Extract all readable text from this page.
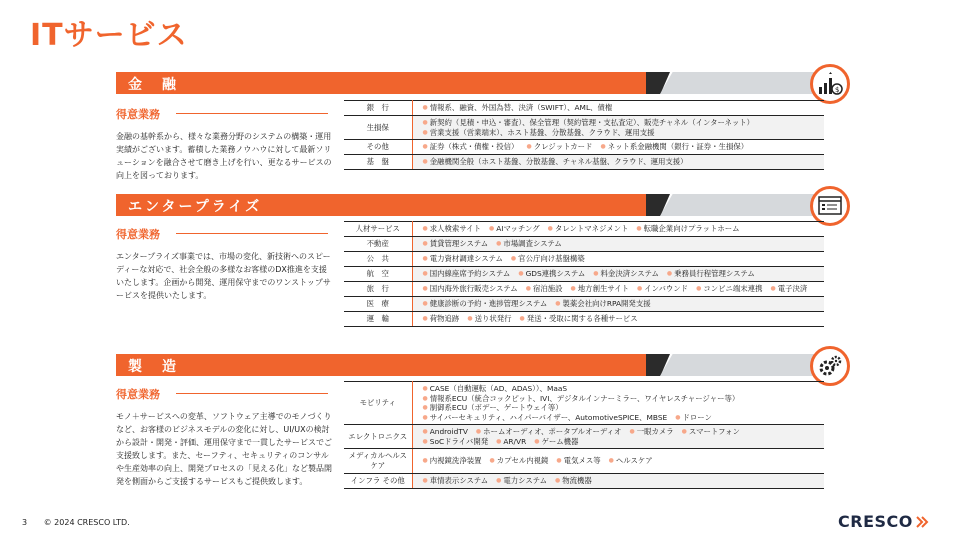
ITサービス
金　融	$
得意業務
金融の基幹系から、様々な業務分野のシステムの構築・運用実績がございます。蓄積した業務ノウハウに対して最新ソリューションを融合させて磨き上げを行い、更なるサービスの向上を図っております。
銀　行	● 情報系、融資、外国為替、決済（SWIFT）、AML、債権
生損保	● 新契約（見積・申込・審査）、保全管理（契約管理・支払査定）、販売チャネル（インターネット）● 営業支援（営業端末）、ホスト基盤、分散基盤、クラウド、運用支援
その他	● 証券（株式・債権・投信） ● クレジットカード ● ネット系金融機関（銀行・証券・生損保）
基　盤	● 金融機関全般（ホスト基盤、分散基盤、チャネル基盤、クラウド、運用支援）
エンタープライズ
得意業務
エンタープライズ事業では、市場の変化、新技術へのスピーディーな対応で、社会全般の多様なお客様のDX推進を支援いたします。企画から開発、運用保守までのワンストップサービスを提供いたします。
人材サービス	● 求人検索サイト ● AIマッチング ● タレントマネジメント ● 転職企業向けプラットホーム
不動産	● 賃貸管理システム ● 市場調査システム
公　共	● 電力資材調達システム ● 官公庁向け基盤構築
航　空	● 国内線座席予約システム ● GDS連携システム ● 料金決済システム ● 乗務員行程管理システム
旅　行	● 国内海外旅行販売システム ● 宿泊施設 ● 地方創生サイト ● インバウンド ● コンビニ端末連携 ● 電子決済
医　療	● 健康診断の予約・進捗管理システム ● 製薬会社向けRPA開発支援
運　輸	● 荷物追跡 ● 送り状発行 ● 発送・受取に関する各種サービス
製　造
得意業務
モノ＋サービスへの変革、ソフトウェア主導でのモノづくりなど、お客様のビジネスモデルの変化に対し、UI/UXの検討から設計・開発・評価、運用保守まで一貫したサービスでご支援致します。また、セーフティ、セキュリティのコンサルや生産効率の向上、開発プロセスの「見える化」など製品開発を側面からご支援するサービスもご提供致します。
モビリティ	● CASE（自動運転（AD、ADAS））、MaaS● 情報系ECU（統合コックピット、IVI、デジタルインナーミラー、ワイヤレスチャージャー等）● 制御系ECU（ボデー、ゲートウェイ等）● サイバーセキュリティ、ハイパーバイザー、AutomotiveSPICE、MBSE ● ドローン
エレクトロニクス	● AndroidTV ● ホームオーディオ、ポータブルオーディオ ● 一眼カメラ ● スマートフォン● SoCドライバ開発 ● AR/VR ● ゲーム機器
メディカルヘルスケア	● 内視鏡洗浄装置 ● カプセル内視鏡 ● 電気メス等 ● ヘルスケア
インフラ その他	● 車情表示システム ● 電力システム ● 物流機器
3 © 2024 CRESCO LTD.	CRESCO
